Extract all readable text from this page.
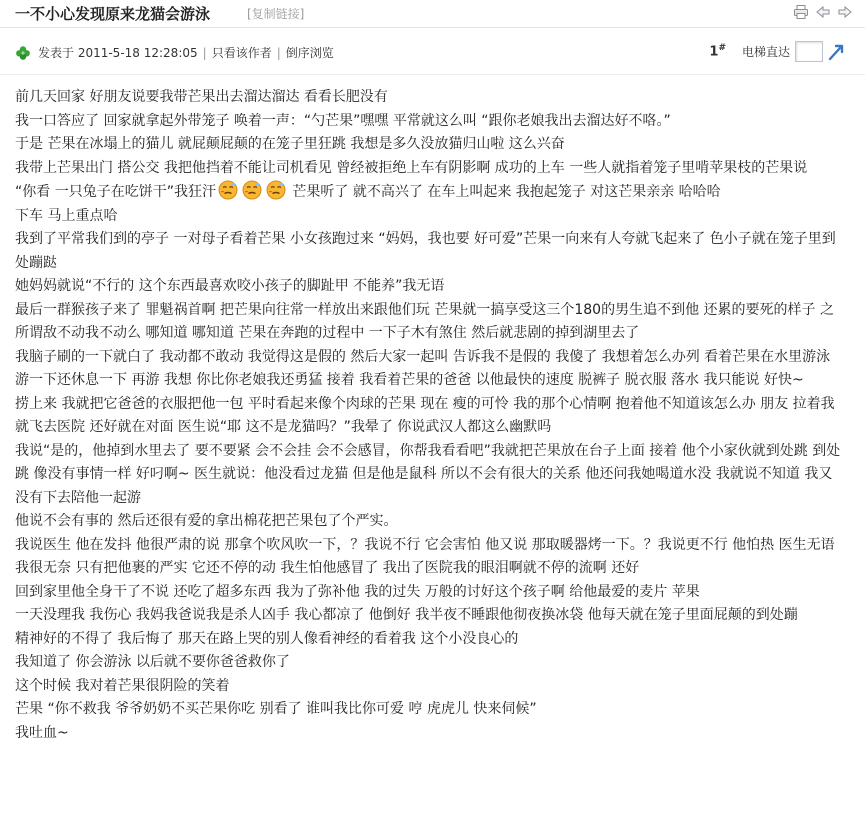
一不小心发现原来龙猫会游泳	[复制链接]
发表于 2011-5-18 12:28:05 | 只看该作者 | 倒序浏览	1# 电梯直达

前几天回家 好朋友说要我带芒果出去溜达溜达 看看长肥没有

我一口答应了 回家就拿起外带笼子 唤着一声：“勺芒果”嘿嘿 平常就这么叫 “跟你老娘我出去溜达好不咯。”

于是 芒果在冰塌上的猫儿 就屁颠屁颠的在笼子里狂跳 我想是多久没放猫归山啦 这么兴奋

我带上芒果出门 搭公交 我把他挡着不能让司机看见 曾经被拒绝上车有阴影啊 成功的上车 一些人就指着笼子里啃苹果枝的芒果说

“你看 一只兔子在吃饼干”我狂汗	芒果听了 就不高兴了 在车上叫起来 我抱起笼子 对这芒果亲亲 哈哈哈

下车 马上重点哈

我到了平常我们到的亭子 一对母子看着芒果 小女孩跑过来 “妈妈，我也要 好可爱”芒果一向来有人夸就飞起来了 色小子就在笼子里到处蹦跶

她妈妈就说“不行的 这个东西最喜欢咬小孩子的脚趾甲 不能养”我无语

最后一群猴孩子来了 罪魁祸首啊 把芒果向往常一样放出来跟他们玩 芒果就一搞享受这三个180的男生追不到他 还累的要死的样子 之所谓敌不动我不动么 哪知道 哪知道 芒果在奔跑的过程中 一下子木有煞住 然后就悲剧的掉到湖里去了

我脑子刷的一下就白了 我动都不敢动 我觉得这是假的 然后大家一起叫 告诉我不是假的 我傻了 我想着怎么办列 看着芒果在水里游泳 游一下还休息一下 再游 我想 你比你老娘我还勇猛 接着 我看着芒果的爸爸 以他最快的速度 脱裤子 脱衣服 落水 我只能说 好快~

捞上来 我就把它爸爸的衣服把他一包 平时看起来像个肉球的芒果 现在 瘦的可怜 我的那个心情啊 抱着他不知道该怎么办 朋友 拉着我就飞去医院 还好就在对面 医生说“耶 这不是龙猫吗？”我晕了 你说武汉人都这么幽默吗

我说“是的，他掉到水里去了 要不要紧 会不会挂 会不会感冒，你帮我看看吧”我就把芒果放在台子上面 接着 他个小家伙就到处跳 到处跳 像没有事情一样 好叼啊~ 医生就说：他没看过龙猫 但是他是鼠科 所以不会有很大的关系 他还问我她喝道水没 我就说不知道 我又没有下去陪他一起游

他说不会有事的 然后还很有爱的拿出棉花把芒果包了个严实。

我说医生 他在发抖 他很严肃的说 那拿个吹风吹一下，？我说不行 它会害怕 他又说 那取暖器烤一下。？我说更不行 他怕热 医生无语

我很无奈 只有把他裹的严实 它还不停的动 我生怕他感冒了 我出了医院我的眼泪啊就不停的流啊 还好

回到家里他全身干了不说 还吃了超多东西 我为了弥补他 我的过失 万般的讨好这个孩子啊 给他最爱的麦片 苹果

一天没理我 我伤心 我妈我爸说我是杀人凶手 我心都凉了 他倒好 我半夜不睡跟他彻夜换冰袋 他每天就在笼子里面屁颠的到处蹦

精神好的不得了 我后悔了 那天在路上哭的别人像看神经的看着我 这个小没良心的

我知道了 你会游泳 以后就不要你爸爸救你了

这个时候 我对着芒果很阴险的笑着

芒果 “你不救我 爷爷奶奶不买芒果你吃 别看了 谁叫我比你可爱 哼 虎虎儿 快来伺候”

我吐血~
